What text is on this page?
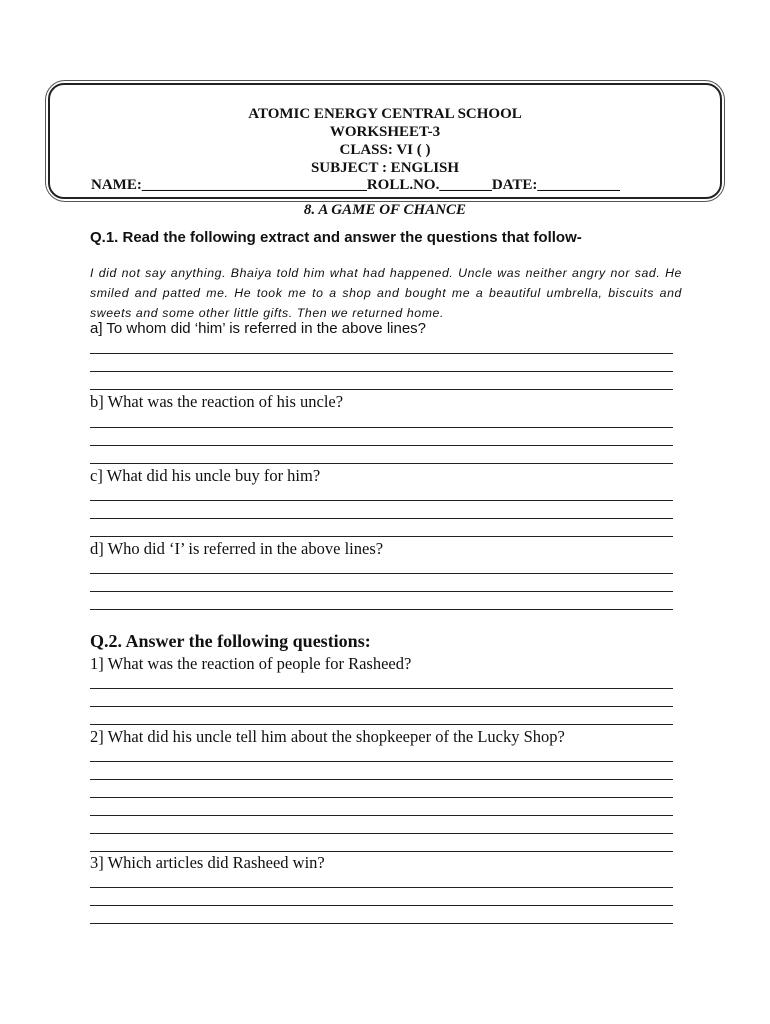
ATOMIC ENERGY CENTRAL SCHOOL
WORKSHEET-3
CLASS: VI ( )
SUBJECT : ENGLISH
NAME:______________________________ROLL.NO._______DATE:___________
8. A GAME OF CHANCE
Q.1. Read the following extract and answer the questions that follow-
I did not say anything. Bhaiya told him what had happened. Uncle was neither angry nor sad. He smiled and patted me. He took me to a shop and bought me a beautiful umbrella, biscuits and sweets and some other little gifts. Then we returned home.
a] To whom did ‘him’ is referred in the above lines?
b] What was the reaction of his uncle?
c] What did his uncle buy for him?
d] Who did ‘I’ is referred in the above lines?
Q.2. Answer the following questions:
1] What was the reaction of people for Rasheed?
2] What did his uncle tell him about the shopkeeper of the Lucky Shop?
3] Which articles did Rasheed win?
